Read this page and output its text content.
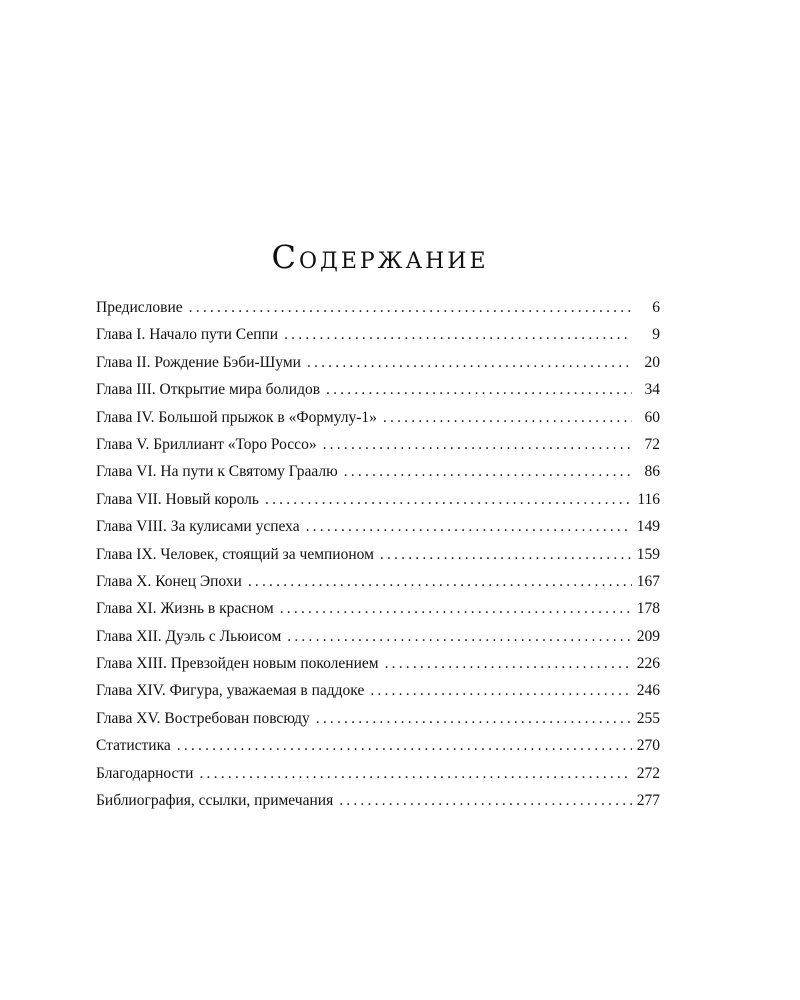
Содержание
Предисловие .....	6
Глава I. Начало пути Сеппи .....	9
Глава II. Рождение Бэби-Шуми .....	20
Глава III. Открытие мира болидов .....	34
Глава IV. Большой прыжок в «Формулу-1» .....	60
Глава V. Бриллиант «Торо Россо» .....	72
Глава VI. На пути к Святому Граалю .....	86
Глава VII. Новый король .....	116
Глава VIII. За кулисами успеха .....	149
Глава IX. Человек, стоящий за чемпионом .....	159
Глава X. Конец Эпохи .....	167
Глава XI. Жизнь в красном .....	178
Глава XII. Дуэль с Льюисом .....	209
Глава XIII. Превзойден новым поколением .....	226
Глава XIV. Фигура, уважаемая в паддоке .....	246
Глава XV. Востребован повсюду .....	255
Статистика .....	270
Благодарности .....	272
Библиография, ссылки, примечания .....	277
